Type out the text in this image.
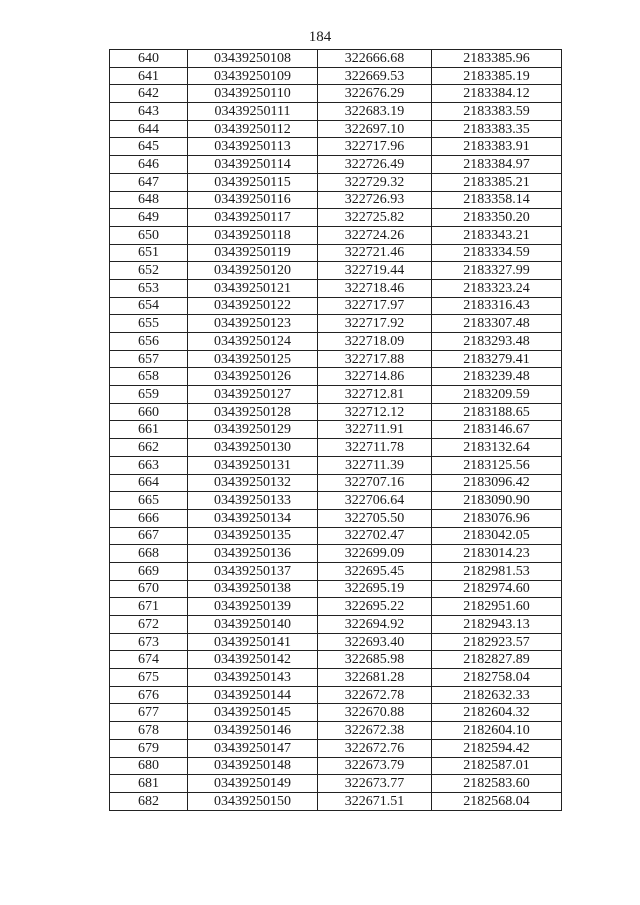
184
640	03439250108	322666.68	2183385.96
641	03439250109	322669.53	2183385.19
642	03439250110	322676.29	2183384.12
643	03439250111	322683.19	2183383.59
644	03439250112	322697.10	2183383.35
645	03439250113	322717.96	2183383.91
646	03439250114	322726.49	2183384.97
647	03439250115	322729.32	2183385.21
648	03439250116	322726.93	2183358.14
649	03439250117	322725.82	2183350.20
650	03439250118	322724.26	2183343.21
651	03439250119	322721.46	2183334.59
652	03439250120	322719.44	2183327.99
653	03439250121	322718.46	2183323.24
654	03439250122	322717.97	2183316.43
655	03439250123	322717.92	2183307.48
656	03439250124	322718.09	2183293.48
657	03439250125	322717.88	2183279.41
658	03439250126	322714.86	2183239.48
659	03439250127	322712.81	2183209.59
660	03439250128	322712.12	2183188.65
661	03439250129	322711.91	2183146.67
662	03439250130	322711.78	2183132.64
663	03439250131	322711.39	2183125.56
664	03439250132	322707.16	2183096.42
665	03439250133	322706.64	2183090.90
666	03439250134	322705.50	2183076.96
667	03439250135	322702.47	2183042.05
668	03439250136	322699.09	2183014.23
669	03439250137	322695.45	2182981.53
670	03439250138	322695.19	2182974.60
671	03439250139	322695.22	2182951.60
672	03439250140	322694.92	2182943.13
673	03439250141	322693.40	2182923.57
674	03439250142	322685.98	2182827.89
675	03439250143	322681.28	2182758.04
676	03439250144	322672.78	2182632.33
677	03439250145	322670.88	2182604.32
678	03439250146	322672.38	2182604.10
679	03439250147	322672.76	2182594.42
680	03439250148	322673.79	2182587.01
681	03439250149	322673.77	2182583.60
682	03439250150	322671.51	2182568.04
